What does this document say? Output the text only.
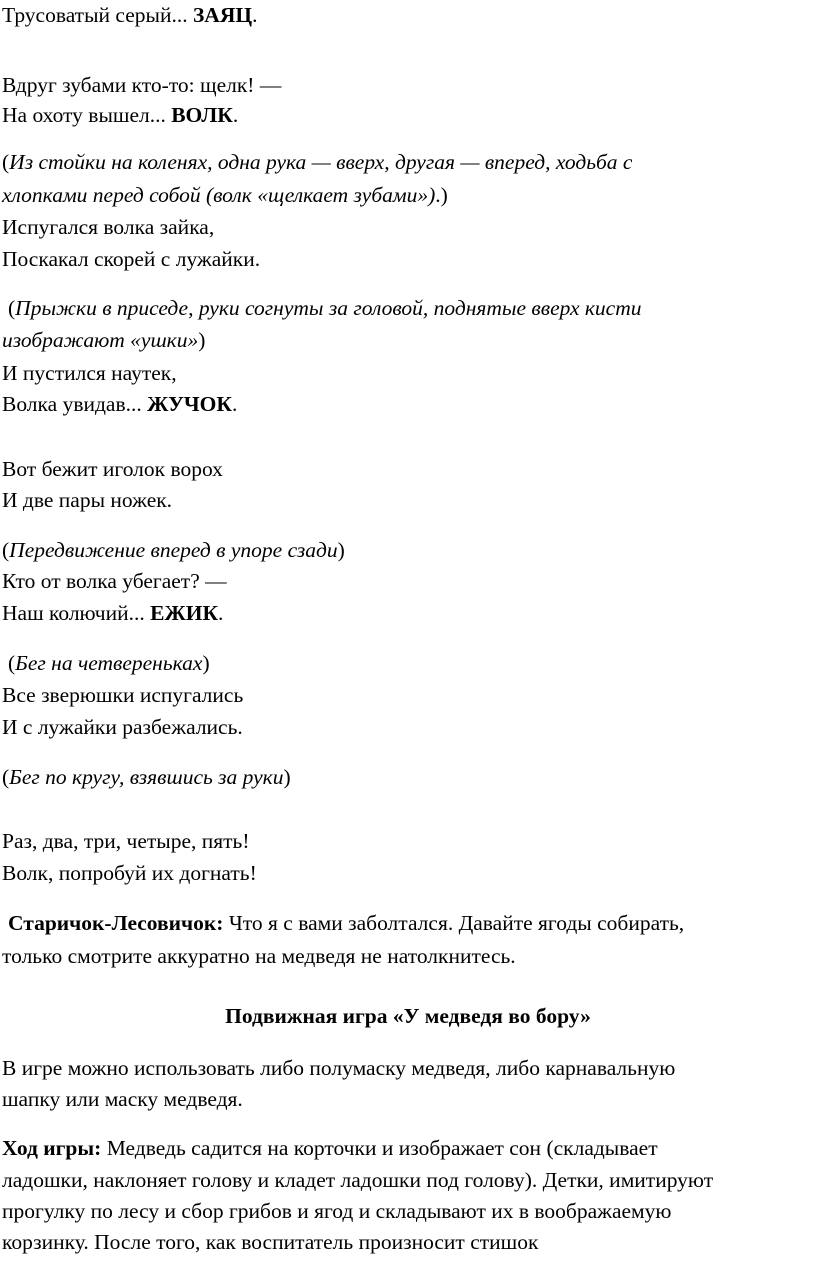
Трусоватый серый... ЗАЯЦ.
Вдруг зубами кто-то: щелк! —
На охоту вышел... ВОЛК.
(Из стойки на коленях, одна рука — вверх, другая — вперед, ходьба с
хлопками перед собой (волк «щелкает зубами»).)
Испугался волка зайка,
Поскакал скорей с лужайки.
(Прыжки в приседе, руки согнуты за головой, поднятые вверх кисти
изображают «ушки»)
И пустился наутек,
Волка увидав... ЖУЧОК.
Вот бежит иголок ворох
И две пары ножек.
(Передвижение вперед в упоре сзади)
Кто от волка убегает? —
Наш колючий... ЕЖИК.
(Бег на четвереньках)
Все зверюшки испугались
И с лужайки разбежались.
(Бег по кругу, взявшись за руки)
Раз, два, три, четыре, пять!
Волк, попробуй их догнать!
Старичок-Лесовичок: Что я с вами заболтался. Давайте ягоды собирать,
только смотрите аккуратно на медведя не натолкнитесь.
Подвижная игра «У медведя во бору»
В игре можно использовать либо полумаску медведя, либо карнавальную
шапку или маску медведя.
Ход игры: Медведь садится на корточки и изображает сон (складывает
ладошки, наклоняет голову и кладет ладошки под голову). Детки, имитируют
прогулку по лесу и сбор грибов и ягод и складывают их в воображаемую
корзинку. После того, как воспитатель произносит стишок
